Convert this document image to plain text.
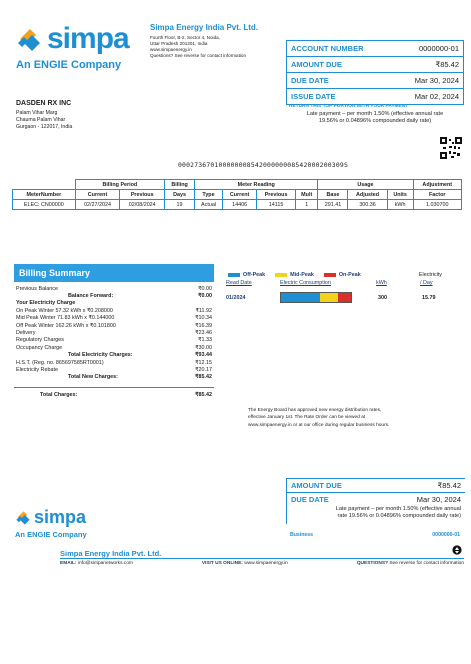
simpa
An ENGIE Company
Simpa Energy India Pvt. Ltd.
Fourth Floor, B-2, Sector 4, Noida,
Uttar Pradesh 201301, India
www.simpaenergy.in
Questions? See reverse for contact information
ACCOUNT NUMBER	0000000-01
AMOUNT DUE	₹85.42
DUE DATE	Mar 30, 2024
ISSUE DATE	Mar 02, 2024
RETURN THIS TOP PORTION WITH YOUR PAYMENT
Late payment – per month 1.50% (effective annual rate
19.56% or 0.04896% compounded daily rate)
DASDEN RX INC
Palam Vihar Marg
Chauma Palam Vihar
Gurgaon - 122017, India
00027367010000000854200000008542000200309S
	Billing Period		Billing	Meter Reading				Usage			Adjustment
MeterNumber	Current	Previous	Days	Type	Current	Previous	Mult	Base	Adjusted	Units	Factor
ELEC: CN00000	02/27/2024	02/08/2024	19	Actual	14406	14115	1	291.41	300.36	kWh	1.030700
Billing Summary
Previous Balance	₹0.00
Balance Forward:	₹0.00
Your Electricity Charge
On Peak Winter 57.32 kWh x ₹0.208000	₹11.92
Mid Peak Winter 71.83 kWh x ₹0.144000	₹10.34
Off Peak Winter 162.26 kWh x ₹0.101800	₹16.39
Delivery	₹23.46
Regulatory Charges	₹1.33
Occupancy Charge	₹30.00
Total Electricity Charges:	₹93.44
H.S.T. (Reg. no. 865697585RT0001)	₹12.15
Electricity Rebate	₹20.17
Total New Charges:	₹85.42
Total Charges:	₹85.42
Off-Peak	Mid-Peak	On-Peak	Electricity
Read Date	Electric Consumption	kWh	/ Day
01/2024	300	15.79
The Energy Board has approved new energy distribution rates,
effective January 1st. The Rate Order can be viewed at
www.simpaenergy.in or at our office during regular business hours.
simpa
An ENGIE Company
AMOUNT DUE	₹85.42
DUE DATE	Mar 30, 2024
Late payment – per month 1.50% (effective annual
rate 19.56% or 0.04896% compounded daily rate)
Business	0000000-01
Simpa Energy India Pvt. Ltd.
EMAIL: info@simpanetworks.com	VISIT US ONLINE: www.simpaenergy.in	QUESTIONS? See reverse for contact information
